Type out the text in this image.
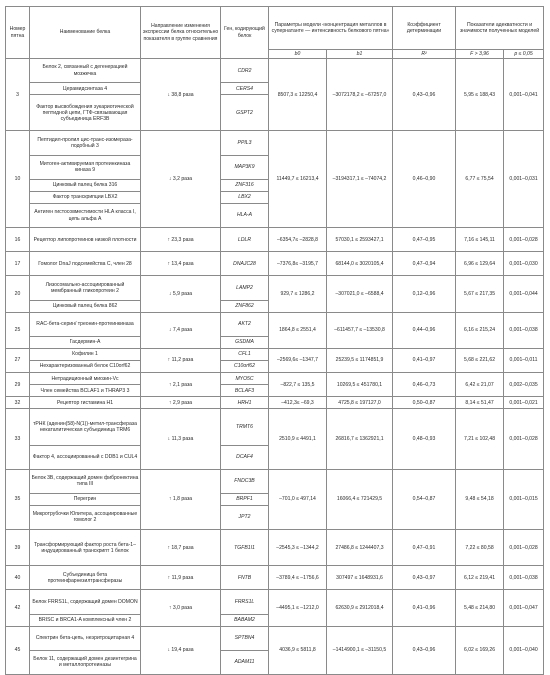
Номер пятна	Наименование белка	Направление изменения экспрессии белка относительно показателя в группе сравнения	Ген, кодирующий белок	Параметры модели «концентрация металлов в супернатанте — интенсивность белкового пятна»		Коэффициент детерминации	Показатели адекватности и значимости полученных моделей	
				b0	b1	R²	F > 3,96	p ≤ 0,05
3	Белок 2, связанный с дегенерацией мозжечка	↓ 38,8 раза	CDR2	8507,3 ≤ 12250,4	–3072178,2 ≤ –67257,0	0,43–0,96	5,95 ≤ 188,43	0,001–0,041
	Церамидсинтаза 4		CERS4					
	Фактор высвобождения эукариотической пептидной цепи, ГТФ-связывающая субъединица ERF3B		GSPT2					
10	Пептидил-пролил цис-транс-изомераза-подобный 3	↓ 3,2 раза	PPIL3	11449,7 ≤ 16213,4	–3194317,1 ≤ –74074,2	0,46–0,90	6,77 ≤ 75,54	0,001–0,031
	Митоген-активируемая протеинкиназа киназа 9		MAP3K9					
	Цинковый палец белка 316		ZNF316					
	Фактор транскрипции LBX2		LBX2					
	Антиген гистосовместимости HLA класса I, цепь альфа A		HLA-A					
16	Рецептор липопротеинов низкой плотности	↑ 23,3 раза	LDLR	–6354,7≤ –2828,8	57030,1 ≤ 2593427,1	0,47–0,95	7,16 ≤ 145,11	0,001–0,028
17	Гомолог DnaJ подсемейства C, член 28	↑ 13,4 раза	DNAJC28	–7376,8≤ –3195,7	68144,0 ≤ 3020105,4	0,47–0,94	6,96 ≤ 129,64	0,001–0,030
20	Лизосомально-ассоциированный мембранный гликопротеин 2	↓ 5,9 раза	LAMP2	929,7 ≤ 1286,2	–307021,0 ≤ –6588,4	0,12–0,96	5,67 ≤ 217,35	0,001–0,044
	Цинковый палец белка 862		ZNF862					
25	RAC-бета-серин/ треонин-протеинкиназа	↓ 7,4 раза	AKT2	1864,8 ≤ 2551,4	–611457,7 ≤ –13530,8	0,44–0,96	6,16 ≤ 215,24	0,001–0,038
	Гасдермин-А		GSDMA					
27	Кофилин 1	↑ 11,2 раза	CFL1	–2569,6≤ –1347,7	25239,5 ≤ 1174851,9	0,41–0,97	5,68 ≤ 221,62	0,001–0,011
	Нехарактеризованный белок C10orf62		C10orf62					
29	Нетрадиционный миозин-Vc	↑ 2,1 раза	MYO5C	–822,7 ≤ 135,5	10269,5 ≤ 451780,1	0,46–0,73	6,42 ≤ 21,07	0,002–0,035
	Член семейства BCLAF1 и THRAP3 3		BCLAF3					
32	Рецептор гистамина H1	↑ 2,9 раза	HRH1	–412,3≤ –69,3	4725,8 ≤ 197127,0	0,50–0,87	8,14 ≤ 51,47	0,001–0,021
33	тРНК (аденин(58)-N(1))-метил-трансфераза некаталитическая субъединица TRM6	↓ 11,3 раза	TRMT6	2510,9 ≤ 4491,1	26816,7 ≤ 1362921,1	0,48–0,93	7,21 ≤ 102,48	0,001–0,028
	Фактор 4, ассоциированный с DDB1 и CUL4		DCAF4					
35	Белок 3B, содержащий домен фибронектина типа III	↑ 1,8 раза	FNDC3B	–701,0 ≤ 497,14	16066,4 ≤ 721429,5	0,54–0,87	9,48 ≤ 54,18	0,001–0,015
	Перегрин		BRPF1					
	Микротрубочки Юпитера, ассоциированные гомолог 2		JPT2					
39	Трансформирующий фактор роста бета-1–индуцированный транскрипт 1 белок	↑ 18,7 раза	TGFB1I1	–2545,3 ≤ –1344,2	27486,8 ≤ 1244407,3	0,47–0,91	7,22 ≤ 80,58	0,001–0,028
40	Субъединица бета протеинфарнезилтрансферазы	↑ 11,9 раза	FNTB	–3789,4 ≤ –1756,6	307497 ≤ 1648931,6	0,43–0,97	6,12 ≤ 219,41	0,001–0,038
42	Белок FRRS1L, содержащий домен DOMON	↑ 3,0 раза	FRRS1L	–4495,1 ≤ –1212,0	62630,9 ≤ 2912018,4	0,41–0,96	5,48 ≤ 214,80	0,001–0,047
	BRISC и BRCA1-A комплексный член 2		BABAM2					
45	Спектрин бета-цепь, неэритроцитарная 4	↓ 19,4 раза	SPTBN4	4036,9 ≤ 5811,8	–1414900,1 ≤ –31150,5	0,43–0,96	6,02 ≤ 169,26	0,001–0,040
	Белок 11, содержащий домен дезинтегрина и металлопротеиназы		ADAM11					
